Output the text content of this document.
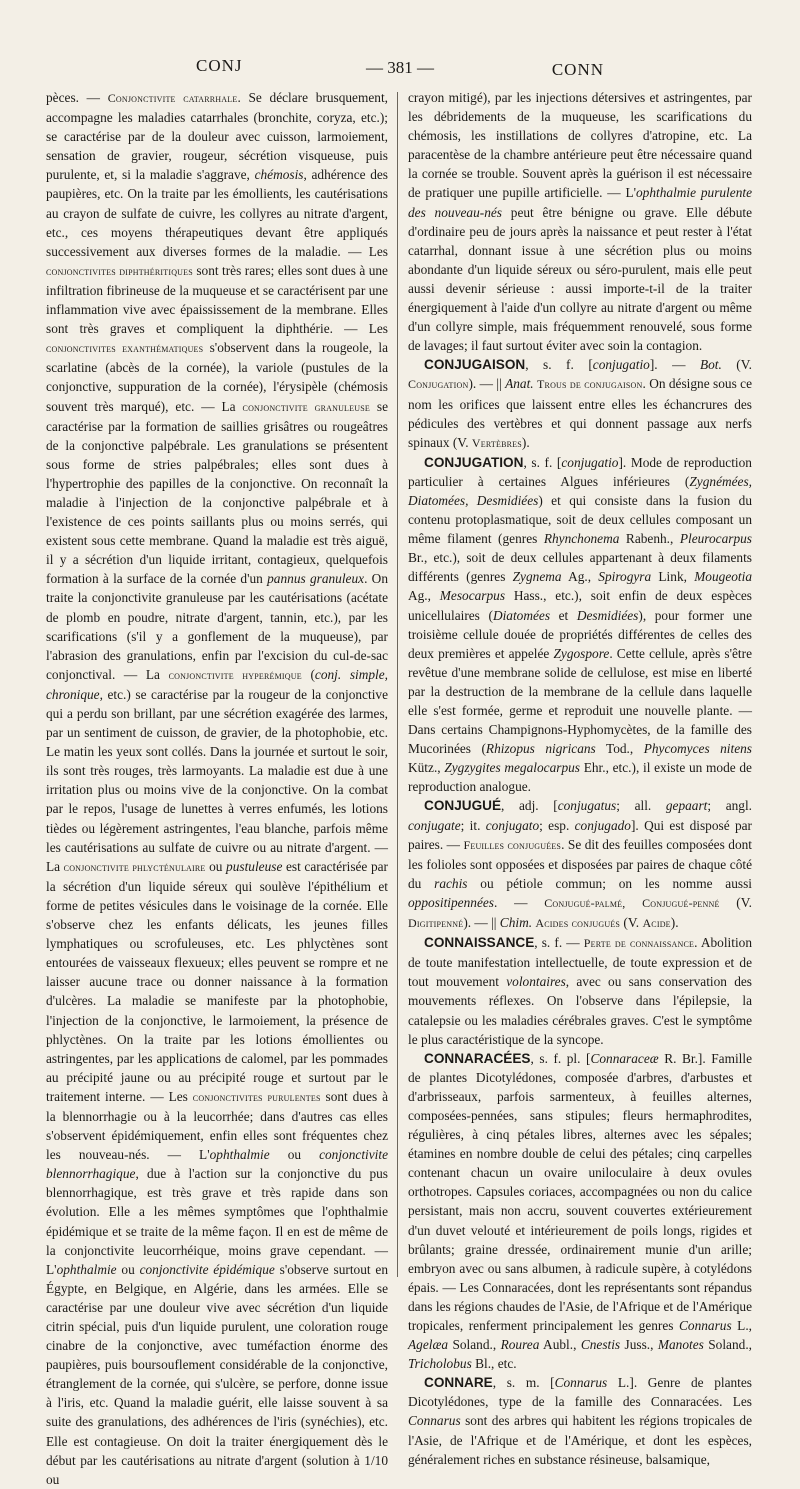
CONJ	— 381 —	CONN

pèces. — Conjonctivite catarrhale. Se déclare brusquement, accompagne les maladies catarrhales (bronchite, coryza, etc.); se caractérise par de la douleur avec cuisson, larmoiement, sensation de gravier, rougeur, sécrétion visqueuse, puis purulente, et, si la maladie s'aggrave, chémosis, adhérence des paupières, etc. On la traite par les émollients, les cautérisations au crayon de sulfate de cuivre, les collyres au nitrate d'argent, etc., ces moyens thérapeutiques devant être appliqués successivement aux diverses formes de la maladie. — Les conjonctivites diphthéritiques sont très rares; elles sont dues à une infiltration fibrineuse de la muqueuse et se caractérisent par une inflammation vive avec épaississement de la membrane. Elles sont très graves et compliquent la diphthérie. — Les conjonctivites exanthématiques s'observent dans la rougeole, la scarlatine (abcès de la cornée), la variole (pustules de la conjonctive, suppuration de la cornée), l'érysipèle (chémosis souvent très marqué), etc. — La conjonctivite granuleuse se caractérise par la formation de saillies grisâtres ou rougeâtres de la conjonctive palpébrale. Les granulations se présentent sous forme de stries palpébrales; elles sont dues à l'hypertrophie des papilles de la conjonctive. On reconnaît la maladie à l'injection de la conjonctive palpébrale et à l'existence de ces points saillants plus ou moins serrés, qui existent sous cette membrane. Quand la maladie est très aiguë, il y a sécrétion d'un liquide irritant, contagieux, quelquefois formation à la surface de la cornée d'un pannus granuleux. On traite la conjonctivite granuleuse par les cautérisations (acétate de plomb en poudre, nitrate d'argent, tannin, etc.), par les scarifications (s'il y a gonflement de la muqueuse), par l'abrasion des granulations, enfin par l'excision du cul-de-sac conjonctival. — La conjonctivite hyperémique (conj. simple, chronique, etc.) se caractérise par la rougeur de la conjonctive qui a perdu son brillant, par une sécrétion exagérée des larmes, par un sentiment de cuisson, de gravier, de la photophobie, etc. Le matin les yeux sont collés. Dans la journée et surtout le soir, ils sont très rouges, très larmoyants. La maladie est due à une irritation plus ou moins vive de la conjonctive. On la combat par le repos, l'usage de lunettes à verres enfumés, les lotions tièdes ou légèrement astringentes, l'eau blanche, parfois même les cautérisations au sulfate de cuivre ou au nitrate d'argent. — La conjonctivite phlycténulaire ou pustuleuse est caractérisée par la sécrétion d'un liquide séreux qui soulève l'épithélium et forme de petites vésicules dans le voisinage de la cornée. Elle s'observe chez les enfants délicats, les jeunes filles lymphatiques ou scrofuleuses, etc. Les phlyctènes sont entourées de vaisseaux flexueux; elles peuvent se rompre et ne laisser aucune trace ou donner naissance à la formation d'ulcères. La maladie se manifeste par la photophobie, l'injection de la conjonctive, le larmoiement, la présence de phlyctènes. On la traite par les lotions émollientes ou astringentes, par les applications de calomel, par les pommades au précipité jaune ou au précipité rouge et surtout par le traitement interne. — Les conjonctivites purulentes sont dues à la blennorrhagie ou à la leucorrhée; dans d'autres cas elles s'observent épidémiquement, enfin elles sont fréquentes chez les nouveau-nés. — L'ophthalmie ou conjonctivite blennorrhagique, due à l'action sur la conjonctive du pus blennorrhagique, est très grave et très rapide dans son évolution. Elle a les mêmes symptômes que l'ophthalmie épidémique et se traite de la même façon. Il en est de même de la conjonctivite leucorrhéique, moins grave cependant. — L'ophthalmie ou conjonctivite épidémique s'observe surtout en Égypte, en Belgique, en Algérie, dans les armées. Elle se caractérise par une douleur vive avec sécrétion d'un liquide citrin spécial, puis d'un liquide purulent, une coloration rouge cinabre de la conjonctive, avec tuméfaction énorme des paupières, puis boursouflement considérable de la conjonctive, étranglement de la cornée, qui s'ulcère, se perfore, donne issue à l'iris, etc. Quand la maladie guérit, elle laisse souvent à sa suite des granulations, des adhérences de l'iris (synéchies), etc. Elle est contagieuse. On doit la traiter énergiquement dès le début par les cautérisations au nitrate d'argent (solution à 1/10 ou

crayon mitigé), par les injections détersives et astringentes, par les débridements de la muqueuse, les scarifications du chémosis, les instillations de collyres d'atropine, etc. La paracentèse de la chambre antérieure peut être nécessaire quand la cornée se trouble. Souvent après la guérison il est nécessaire de pratiquer une pupille artificielle. — L'ophthalmie purulente des nouveau-nés peut être bénigne ou grave. Elle débute d'ordinaire peu de jours après la naissance et peut rester à l'état catarrhal, donnant issue à une sécrétion plus ou moins abondante d'un liquide séreux ou séro-purulent, mais elle peut aussi devenir sérieuse : aussi importe-t-il de la traiter énergiquement à l'aide d'un collyre au nitrate d'argent ou même d'un collyre simple, mais fréquemment renouvelé, sous forme de lavages; il faut surtout éviter avec soin la contagion.

CONJUGAISON, s. f. [conjugatio]. — Bot. (V. Conjugation). — || Anat. Trous de conjugaison. On désigne sous ce nom les orifices que laissent entre elles les échancrures des pédicules des vertèbres et qui donnent passage aux nerfs spinaux (V. Vertèbres).

CONJUGATION, s. f. [conjugatio]. Mode de reproduction particulier à certaines Algues inférieures (Zygnémées, Diatomées, Desmidiées) et qui consiste dans la fusion du contenu protoplasmatique, soit de deux cellules composant un même filament (genres Rhynchonema Rabenh., Pleurocarpus Br., etc.), soit de deux cellules appartenant à deux filaments différents (genres Zygnema Ag., Spirogyra Link, Mougeotia Ag., Mesocarpus Hass., etc.), soit enfin de deux espèces unicellulaires (Diatomées et Desmidiées), pour former une troisième cellule douée de propriétés différentes de celles des deux premières et appelée Zygospore. Cette cellule, après s'être revêtue d'une membrane solide de cellulose, est mise en liberté par la destruction de la membrane de la cellule dans laquelle elle s'est formée, germe et reproduit une nouvelle plante. — Dans certains Champignons-Hyphomycètes, de la famille des Mucorinées (Rhizopus nigricans Tod., Phycomyces nitens Kütz., Zygzygites megalocarpus Ehr., etc.), il existe un mode de reproduction analogue.

CONJUGUÉ, adj. [conjugatus; all. gepaart; angl. conjugate; it. conjugato; esp. conjugado]. Qui est disposé par paires. — Feuilles conjuguées. Se dit des feuilles composées dont les folioles sont opposées et disposées par paires de chaque côté du rachis ou pétiole commun; on les nomme aussi oppositipennées. — Conjugué-palmé, Conjugué-penné (V. Digitipenné). — || Chim. Acides conjugués (V. Acide).

CONNAISSANCE, s. f. — Perte de connaissance. Abolition de toute manifestation intellectuelle, de toute expression et de tout mouvement volontaires, avec ou sans conservation des mouvements réflexes. On l'observe dans l'épilepsie, la catalepsie ou les maladies cérébrales graves. C'est le symptôme le plus caractéristique de la syncope.

CONNARACÉES, s. f. pl. [Connaraceæ R. Br.]. Famille de plantes Dicotylédones, composée d'arbres, d'arbustes et d'arbrisseaux, parfois sarmenteux, à feuilles alternes, composées-pennées, sans stipules; fleurs hermaphrodites, régulières, à cinq pétales libres, alternes avec les sépales; étamines en nombre double de celui des pétales; cinq carpelles contenant chacun un ovaire uniloculaire à deux ovules orthotropes. Capsules coriaces, accompagnées ou non du calice persistant, mais non accru, souvent couvertes extérieurement d'un duvet velouté et intérieurement de poils longs, rigides et brûlants; graine dressée, ordinairement munie d'un arille; embryon avec ou sans albumen, à radicule supère, à cotylédons épais. — Les Connaracées, dont les représentants sont répandus dans les régions chaudes de l'Asie, de l'Afrique et de l'Amérique tropicales, renferment principalement les genres Connarus L., Agelæa Soland., Rourea Aubl., Cnestis Juss., Manotes Soland., Tricholobus Bl., etc.

CONNARE, s. m. [Connarus L.]. Genre de plantes Dicotylédones, type de la famille des Connaracées. Les Connarus sont des arbres qui habitent les régions tropicales de l'Asie, de l'Afrique et de l'Amérique, et dont les espèces, généralement riches en substance résineuse, balsamique,
